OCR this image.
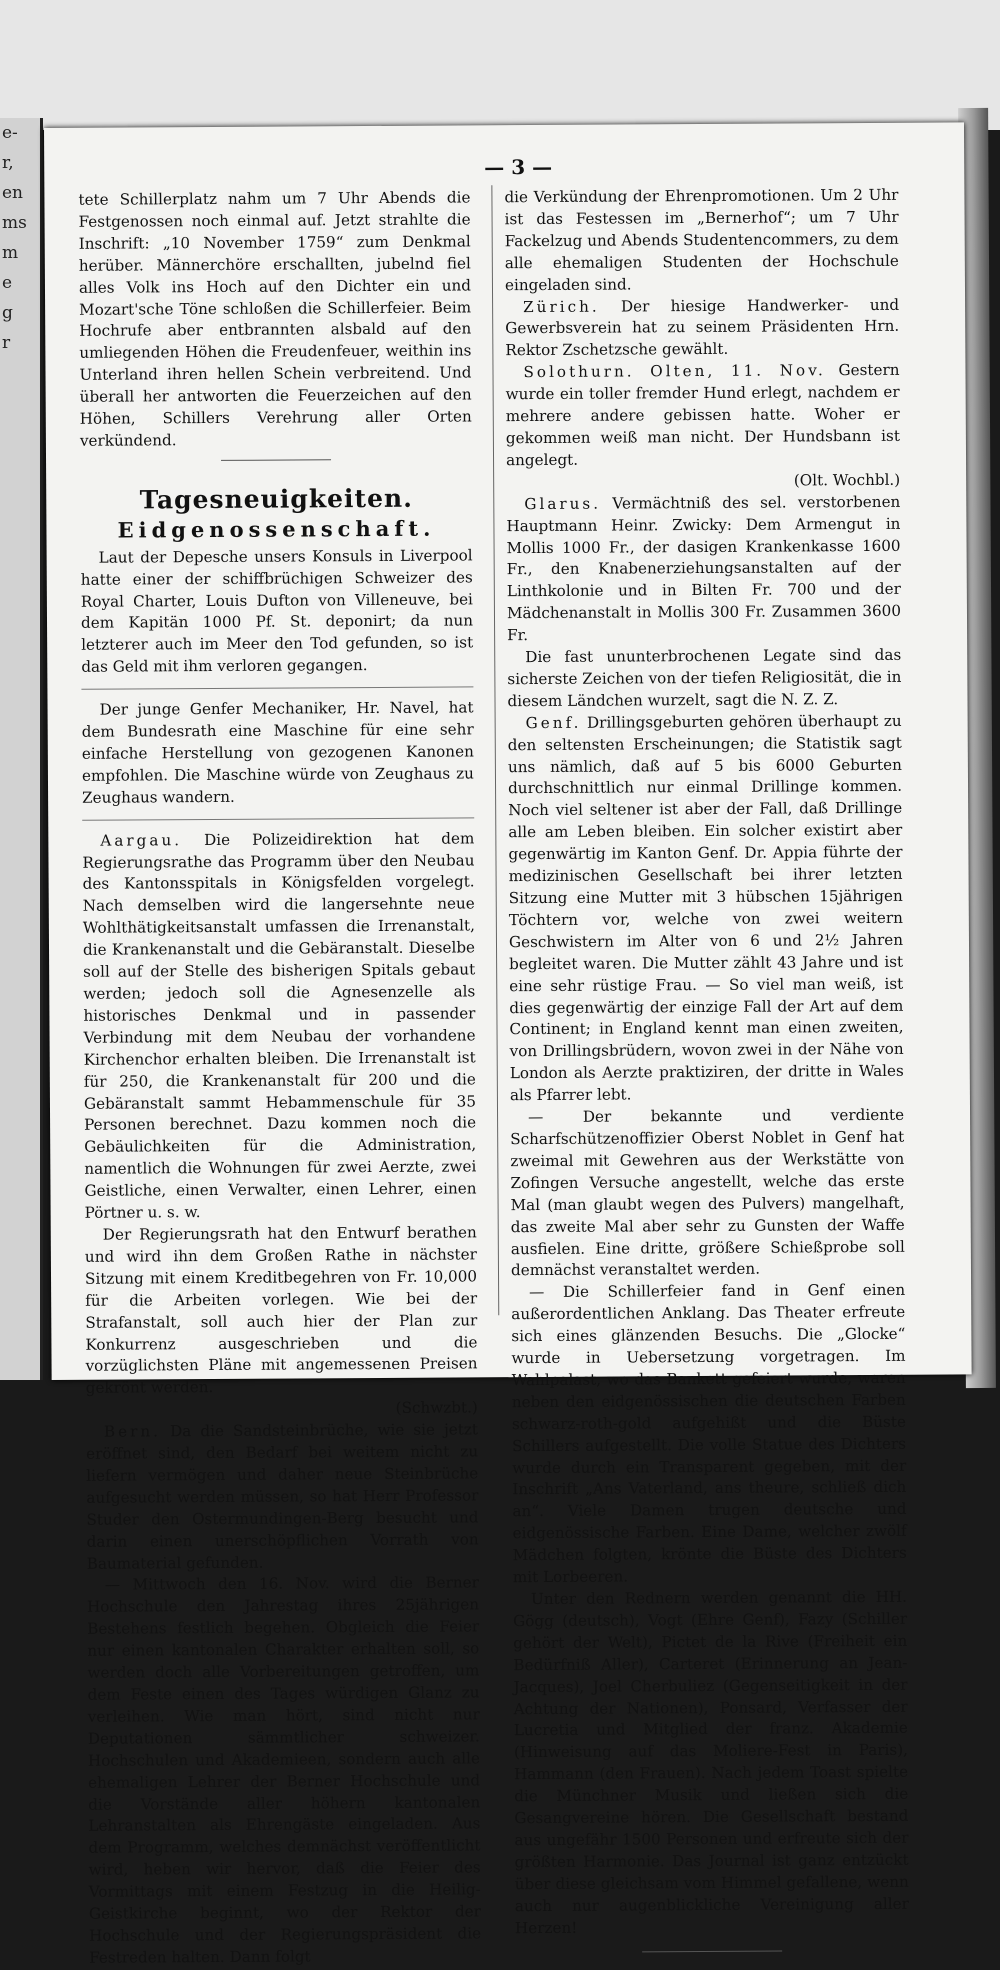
e-
r,
en
ms
m
e
g
r
— 3 —

tete Schillerplatz nahm um 7 Uhr Abends die Festgenossen noch einmal auf. Jetzt strahlte die Inschrift: „10 November 1759“ zum Denkmal herüber. Männerchöre erschallten, jubelnd fiel alles Volk ins Hoch auf den Dichter ein und Mozart'sche Töne schloßen die Schillerfeier. Beim Hochrufe aber entbrannten alsbald auf den umliegenden Höhen die Freudenfeuer, weithin ins Unterland ihren hellen Schein verbreitend. Und überall her antworten die Feuerzeichen auf den Höhen, Schillers Verehrung aller Orten verkündend.

Tagesneuigkeiten.
Eidgenossenschaft.

Laut der Depesche unsers Konsuls in Liverpool hatte einer der schiffbrüchigen Schweizer des Royal Charter, Louis Dufton von Villeneuve, bei dem Kapitän 1000 Pf. St. deponirt; da nun letzterer auch im Meer den Tod gefunden, so ist das Geld mit ihm verloren gegangen.

Der junge Genfer Mechaniker, Hr. Navel, hat dem Bundesrath eine Maschine für eine sehr einfache Herstellung von gezogenen Kanonen empfohlen. Die Maschine würde von Zeughaus zu Zeughaus wandern.

Aargau. Die Polizeidirektion hat dem Regierungsrathe das Programm über den Neubau des Kantonsspitals in Königsfelden vorgelegt. Nach demselben wird die langersehnte neue Wohlthätigkeitsanstalt umfassen die Irrenanstalt, die Krankenanstalt und die Gebäranstalt. Dieselbe soll auf der Stelle des bisherigen Spitals gebaut werden; jedoch soll die Agnesenzelle als historisches Denkmal und in passender Verbindung mit dem Neubau der vorhandene Kirchenchor erhalten bleiben. Die Irrenanstalt ist für 250, die Krankenanstalt für 200 und die Gebäranstalt sammt Hebammenschule für 35 Personen berechnet. Dazu kommen noch die Gebäulichkeiten für die Administration, namentlich die Wohnungen für zwei Aerzte, zwei Geistliche, einen Verwalter, einen Lehrer, einen Pörtner u. s. w.

Der Regierungsrath hat den Entwurf berathen und wird ihn dem Großen Rathe in nächster Sitzung mit einem Kreditbegehren von Fr. 10,000 für die Arbeiten vorlegen. Wie bei der Strafanstalt, soll auch hier der Plan zur Konkurrenz ausgeschrieben und die vorzüglichsten Pläne mit angemessenen Preisen gekrönt werden.

(Schwzbt.)

Bern. Da die Sandsteinbrüche, wie sie jetzt eröffnet sind, den Bedarf bei weitem nicht zu liefern vermögen und daher neue Steinbrüche aufgesucht werden müssen, so hat Herr Professor Studer den Ostermundingen-Berg besucht und darin einen unerschöpflichen Vorrath von Baumaterial gefunden.

— Mittwoch den 16. Nov. wird die Berner Hochschule den Jahrestag ihres 25jährigen Bestehens festlich begehen. Obgleich die Feier nur einen kantonalen Charakter erhalten soll, so werden doch alle Vorbereitungen getroffen, um dem Feste einen des Tages würdigen Glanz zu verleihen. Wie man hört, sind nicht nur Deputationen sämmtlicher schweizer. Hochschulen und Akademieen, sondern auch alle ehemaligen Lehrer der Berner Hochschule und die Vorstände aller höhern kantonalen Lehranstalten als Ehrengäste eingeladen. Aus dem Programm, welches demnächst veröffentlicht wird, heben wir hervor, daß die Feier des Vormittags mit einem Festzug in die Heilig-Geistkirche beginnt, wo der Rektor der Hochschule und der Regierungspräsident die Festreden halten. Dann folgt

die Verkündung der Ehrenpromotionen. Um 2 Uhr ist das Festessen im „Bernerhof“; um 7 Uhr Fackelzug und Abends Studentencommers, zu dem alle ehemaligen Studenten der Hochschule eingeladen sind.

Zürich. Der hiesige Handwerker- und Gewerbsverein hat zu seinem Präsidenten Hrn. Rektor Zschetzsche gewählt.

Solothurn. Olten, 11. Nov. Gestern wurde ein toller fremder Hund erlegt, nachdem er mehrere andere gebissen hatte. Woher er gekommen weiß man nicht. Der Hundsbann ist angelegt.

(Olt. Wochbl.)

Glarus. Vermächtniß des sel. verstorbenen Hauptmann Heinr. Zwicky: Dem Armengut in Mollis 1000 Fr., der dasigen Krankenkasse 1600 Fr., den Knabenerziehungsanstalten auf der Linthkolonie und in Bilten Fr. 700 und der Mädchenanstalt in Mollis 300 Fr. Zusammen 3600 Fr.

Die fast ununterbrochenen Legate sind das sicherste Zeichen von der tiefen Religiosität, die in diesem Ländchen wurzelt, sagt die N. Z. Z.

Genf. Drillingsgeburten gehören überhaupt zu den seltensten Erscheinungen; die Statistik sagt uns nämlich, daß auf 5 bis 6000 Geburten durchschnittlich nur einmal Drillinge kommen. Noch viel seltener ist aber der Fall, daß Drillinge alle am Leben bleiben. Ein solcher existirt aber gegenwärtig im Kanton Genf. Dr. Appia führte der medizinischen Gesellschaft bei ihrer letzten Sitzung eine Mutter mit 3 hübschen 15jährigen Töchtern vor, welche von zwei weitern Geschwistern im Alter von 6 und 2½ Jahren begleitet waren. Die Mutter zählt 43 Jahre und ist eine sehr rüstige Frau. — So viel man weiß, ist dies gegenwärtig der einzige Fall der Art auf dem Continent; in England kennt man einen zweiten, von Drillingsbrüdern, wovon zwei in der Nähe von London als Aerzte praktiziren, der dritte in Wales als Pfarrer lebt.

— Der bekannte und verdiente Scharfschützenoffizier Oberst Noblet in Genf hat zweimal mit Gewehren aus der Werkstätte von Zofingen Versuche angestellt, welche das erste Mal (man glaubt wegen des Pulvers) mangelhaft, das zweite Mal aber sehr zu Gunsten der Waffe ausfielen. Eine dritte, größere Schießprobe soll demnächst veranstaltet werden.

— Die Schillerfeier fand in Genf einen außerordentlichen Anklang. Das Theater erfreute sich eines glänzenden Besuchs. Die „Glocke“ wurde in Uebersetzung vorgetragen. Im Wahlpalast, wo das Bankett gefeiert wurde, waren neben den eidgenössischen die deutschen Farben schwarz-roth-gold aufgehißt und die Büste Schillers aufgestellt. Die volle Statue des Dichters wurde durch ein Transparent gegeben, mit der Inschrift „Ans Vaterland, ans theure, schließ dich an“. Viele Damen trugen deutsche und eidgenössische Farben. Eine Dame, welcher zwölf Mädchen folgten, krönte die Büste des Dichters mit Lorbeeren.

Unter den Rednern werden genannt die HH. Gögg (deutsch), Vogt (Ehre Genf), Fazy (Schiller gehört der Welt), Pictet de la Rive (Freiheit ein Bedürfniß Aller), Carteret (Erinnerung an Jean-Jacques), Joel Cherbuliez (Gegenseitigkeit in der Achtung der Nationen), Ponsard, Verfasser der Lucretia und Mitglied der franz. Akademie (Hinweisung auf das Moliere-Fest in Paris), Hammann (den Frauen). Nach jedem Toast spielte die Münchner Musik und ließen sich die Gesangvereine hören. Die Gesellschaft bestand aus ungefähr 1500 Personen und erfreute sich der größten Harmonie. Das Journal ist ganz entzückt über diese gleichsam vom Himmel gefallene, wenn auch nur augenblickliche Vereinigung aller Herzen!
